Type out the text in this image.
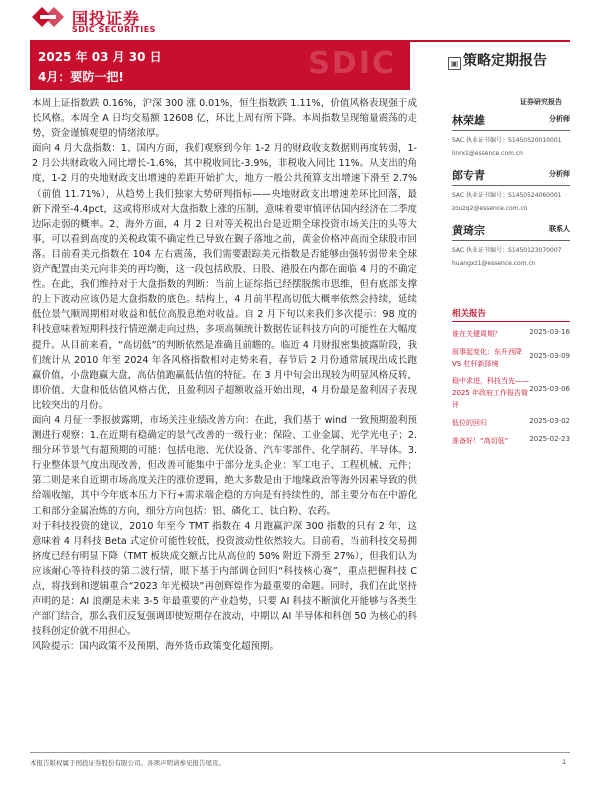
国投证券
SDIC SECURITIES
2025 年 03 月 30 日
4月：要防一把!	SDIC	▣ 策略定期报告

本周上证指数跌 0.16%，沪深 300 涨 0.01%，恒生指数跌 1.11%，价值风格表现强于成长风格。本周全 A 日均交易额 12608 亿，环比上周有所下降。本周指数呈现缩量震荡的走势，资金谨慎观望的情绪浓厚。

面向 4 月大盘指数：1、国内方面，我们观察到今年 1-2 月的财政收支数据则再度转弱，1-2 月公共财政收入同比增长-1.6%，其中税收同比-3.9%，非税收入同比 11%。从支出的角度，1-2 月的央地财政支出增速的差距开始扩大，地方一般公共预算支出增速下滑至 2.7%（前值 11.71%），从趋势上我们独家大势研判指标——央地财政支出增速差环比回落，最新下滑至-4.4pct，这或将形成对大盘指数上涨的压制，意味着要审慎评估国内经济在二季度边际走弱的概率。2、海外方面，4 月 2 日对等关税出台是近期全球投资市场关注的头等大事，可以看到高度的关税政策不确定性已导致在觐子落地之前，黄金价格冲高而全球股市回落。目前看美元指数在 104 左右震荡，我们需要跟踪美元指数是否能够由强转弱带来全球资产配置由美元向非美的再均衡，这一段包括欧股、日股、港股在内都在面临 4 月的不确定性。在此，我们维持对于大盘指数的判断：当前上证综指已经摆脱熊市思维，但有底部支撑的上下波动应该仍是大盘指数的底色。结构上，4 月前半程高切低大概率依然会持续，延续低位景气顺周期相对收益和低位高股息绝对收益。自 2 月下旬以来我们多次提示：98 度的科技意味着短期科技行情逆潮走向过热，多项高频统计数据佐证科技方向的可能性在大幅度提升。从目前来看，“高切低”的判断依然是准确且前瞻的。临近 4 月财报密集披露阶段，我们统计从 2010 年至 2024 年各风格指数相对走势来看，春节后 2 月份通常展现出成长跑赢价值，小盘跑赢大盘，高估值跑赢低估值的特征。在 3 月中旬会出现较为明显风格反转，即价值、大盘和低估值风格占优，且盈利因子超额收益开始出现，4 月份最是盈利因子表现比较突出的月份。

面向 4 月征一季报披露期，市场关注业绩改善方向：在此，我们基于 wind 一致预期盈利预测进行观察：1.在近期有稳确定的景气改善的一级行业：保险、工业金属、光学光电子；2.细分环节景气有超预期的可能：包括电池、光伏设备、汽车零部件、化学制药、半导体。3.行业整体景气度出现改善，但改善可能集中于部分龙头企业：军工电子、工程机械、元件；第二则是来自近期市场高度关注的涨价逻辑，绝大多数是由于地缘政治等海外因素导致的供给端收缩，其中今年底本压力下行+需求端企稳的方向是有持续性的，部主要分布在中游化工和部分金属冶炼的方向，细分方向包括：铝、磷化工、钛白粉、农药。

对于科技投资的建议，2010 年至今 TMT 指数在 4 月跑赢沪深 300 指数的只有 2 年，这意味着 4 月科技 Beta 式定价可能性较低，投资波动性依然较大。目前看，当前科技交易拥挤度已经有明显下降（TMT 板块成交额占比从高位的 50% 附近下滑至 27%），但我们认为应该耐心等待科技的第二波行情，眼下基于内部调仓回归“科技核心赛”，重点把握科技 C 点，将找到和逻辑重合“2023 年光模块”再创辉煌作为最重要的命题。同时，我们在此坚持声明的是：AI 浪潮是未来 3-5 年最重要的产业趋势，只要 AI 科技不断演化开能够与各类生产部门结合，那么我们反复强调即使短期存在波动，中期以 AI 半导体和科创 50 为核心的科技科创定价就不用担心。

风险提示：国内政策不及预期、海外货币政策变化超预期。

证券研究报告
林荣雄	分析师
SAC 执业证书编号：S1450520010001
linrx1@essence.com.cn
郎专青	分析师
SAC 执业证书编号：S1450524060001
zouzq2@essence.com.cn
黄琦宗	联系人
SAC 执业证书编号：S1450123070007
huangxz1@essence.com.cn
相关报告
谁在关键周期？	2025-03-16
叙事起变化：东升西降 VS 杠杆新择境
2025-03-09
稳中求进，科技当先——2025 年政府工作报告简评
2025-03-06
低位的回归	2025-03-02
准备好！“高切低”	2025-02-23
本报告版权属于国投证券股份有限公司。各项声明请参见报告尾页。	1
